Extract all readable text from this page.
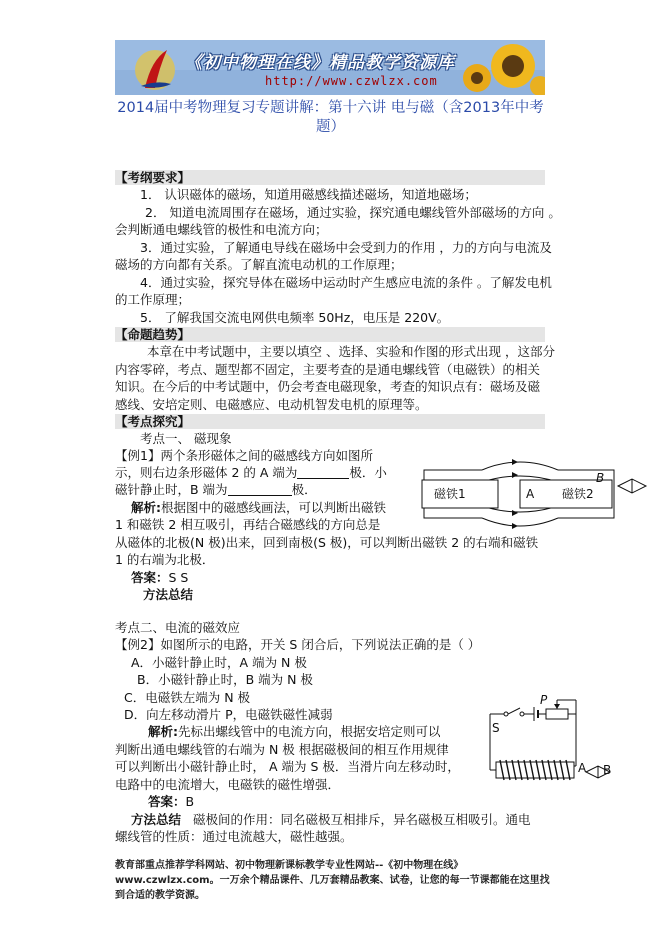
《初中物理在线》精品教学资源库
http://www.czwlzx.com
2014届中考物理复习专题讲解：第十六讲 电与磁（含2013年中考
题）
【考纲要求】
1． 认识磁体的磁场，知道用磁感线描述磁场，知道地磁场；
2． 知道电流周围存在磁场，通过实验，探究通电螺线管外部磁场的方向 。
会判断通电螺线管的极性和电流方向；
3．通过实验，了解通电导线在磁场中会受到力的作用 ，力的方向与电流及
磁场的方向都有关系。了解直流电动机的工作原理；
4．通过实验，探究导体在磁场中运动时产生感应电流的条件 。了解发电机
的工作原理；
5． 了解我国交流电网供电频率 50Hz，电压是 220V。
【命题趋势】
本章在中考试题中，主要以填空 、选择、实验和作图的形式出现 ，这部分
内容零碎，考点、题型都不固定，主要考查的是通电螺线管（电磁铁）的相关
知识。在今后的中考试题中，仍会考查电磁现象，考查的知识点有：磁场及磁
感线、安培定则、电磁感应、电动机智发电机的原理等。
【考点探究】
考点一、 磁现象
【例1】两个条形磁体之间的磁感线方向如图所
示，则右边条形磁体 2 的 A 端为	极．小
磁针静止时，B 端为	极．
解析:根据图中的磁感线画法，可以判断出磁铁
1 和磁铁 2 相互吸引，再结合磁感线的方向总是
从磁体的北极(N 极)出来，回到南极(S 极)，可以判断出磁铁 2 的右端和磁铁
1 的右端为北极．
答案：S S
方法总结
磁铁1	A 磁铁2
B
考点二、电流的磁效应
【例2】如图所示的电路，开关 S 闭合后，下列说法正确的是（ ）
A．小磁针静止时，A 端为 N 极
B．小磁针静止时，B 端为 N 极
C．电磁铁左端为 N 极
D．向左移动滑片 P，电磁铁磁性减弱
解析:先标出螺线管中的电流方向，根据安培定则可以
判断出通电螺线管的右端为 N 极 根据磁极间的相互作用规律
可以判断出小磁针静止时， A 端为 S 极．当滑片向左移动时，
电路中的电流增大，电磁铁的磁性增强．
答案：B
方法总结 磁极间的作用：同名磁极互相排斥，异名磁极互相吸引。通电
螺线管的性质：通过电流越大，磁性越强。
P
S
A B
教育部重点推荐学科网站、初中物理新课标教学专业性网站--《初中物理在线》www.czwlzx.com。一万余个精品课件、几万套精品教案、试卷，让您的每一节课都能在这里找到合适的教学资源。
